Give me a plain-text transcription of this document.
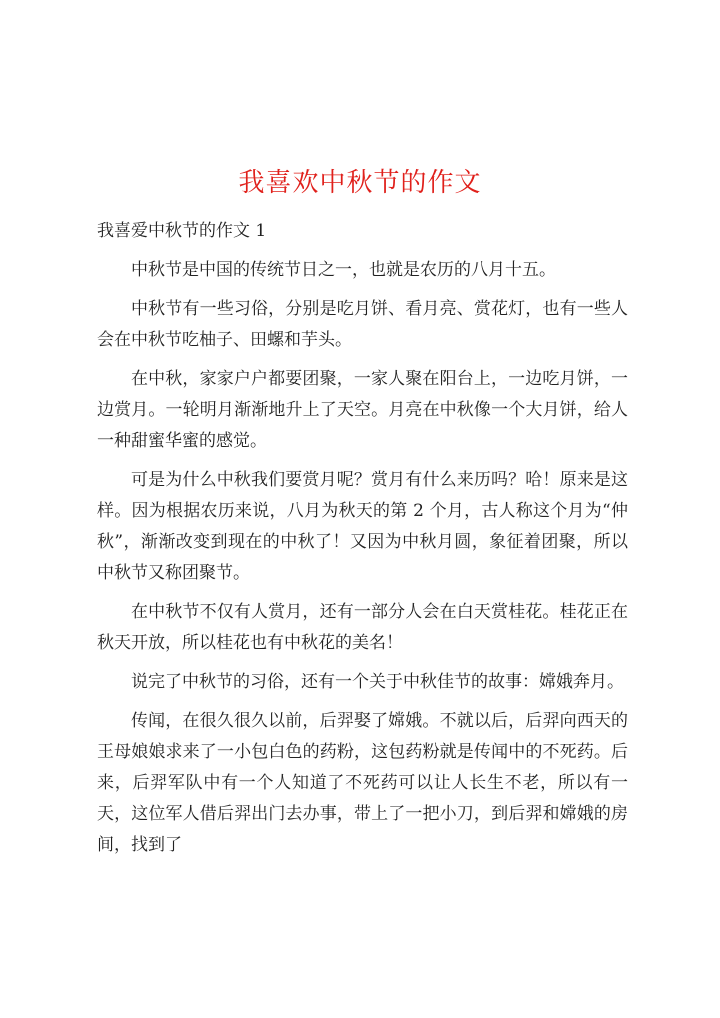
我喜欢中秋节的作文

我喜爱中秋节的作文 1

中秋节是中国的传统节日之一，也就是农历的八月十五。

中秋节有一些习俗，分别是吃月饼、看月亮、赏花灯，也有一些人会在中秋节吃柚子、田螺和芋头。

在中秋，家家户户都要团聚，一家人聚在阳台上，一边吃月饼，一边赏月。一轮明月渐渐地升上了天空。月亮在中秋像一个大月饼，给人一种甜蜜华蜜的感觉。

可是为什么中秋我们要赏月呢？赏月有什么来历吗？哈！原来是这样。因为根据农历来说，八月为秋天的第 2 个月，古人称这个月为“仲秋”，渐渐改变到现在的中秋了！又因为中秋月圆，象征着团聚，所以中秋节又称团聚节。

在中秋节不仅有人赏月，还有一部分人会在白天赏桂花。桂花正在秋天开放，所以桂花也有中秋花的美名！

说完了中秋节的习俗，还有一个关于中秋佳节的故事：嫦娥奔月。

传闻，在很久很久以前，后羿娶了嫦娥。不就以后，后羿向西天的王母娘娘求来了一小包白色的药粉，这包药粉就是传闻中的不死药。后来，后羿军队中有一个人知道了不死药可以让人长生不老，所以有一天，这位军人借后羿出门去办事，带上了一把小刀，到后羿和嫦娥的房间，找到了
